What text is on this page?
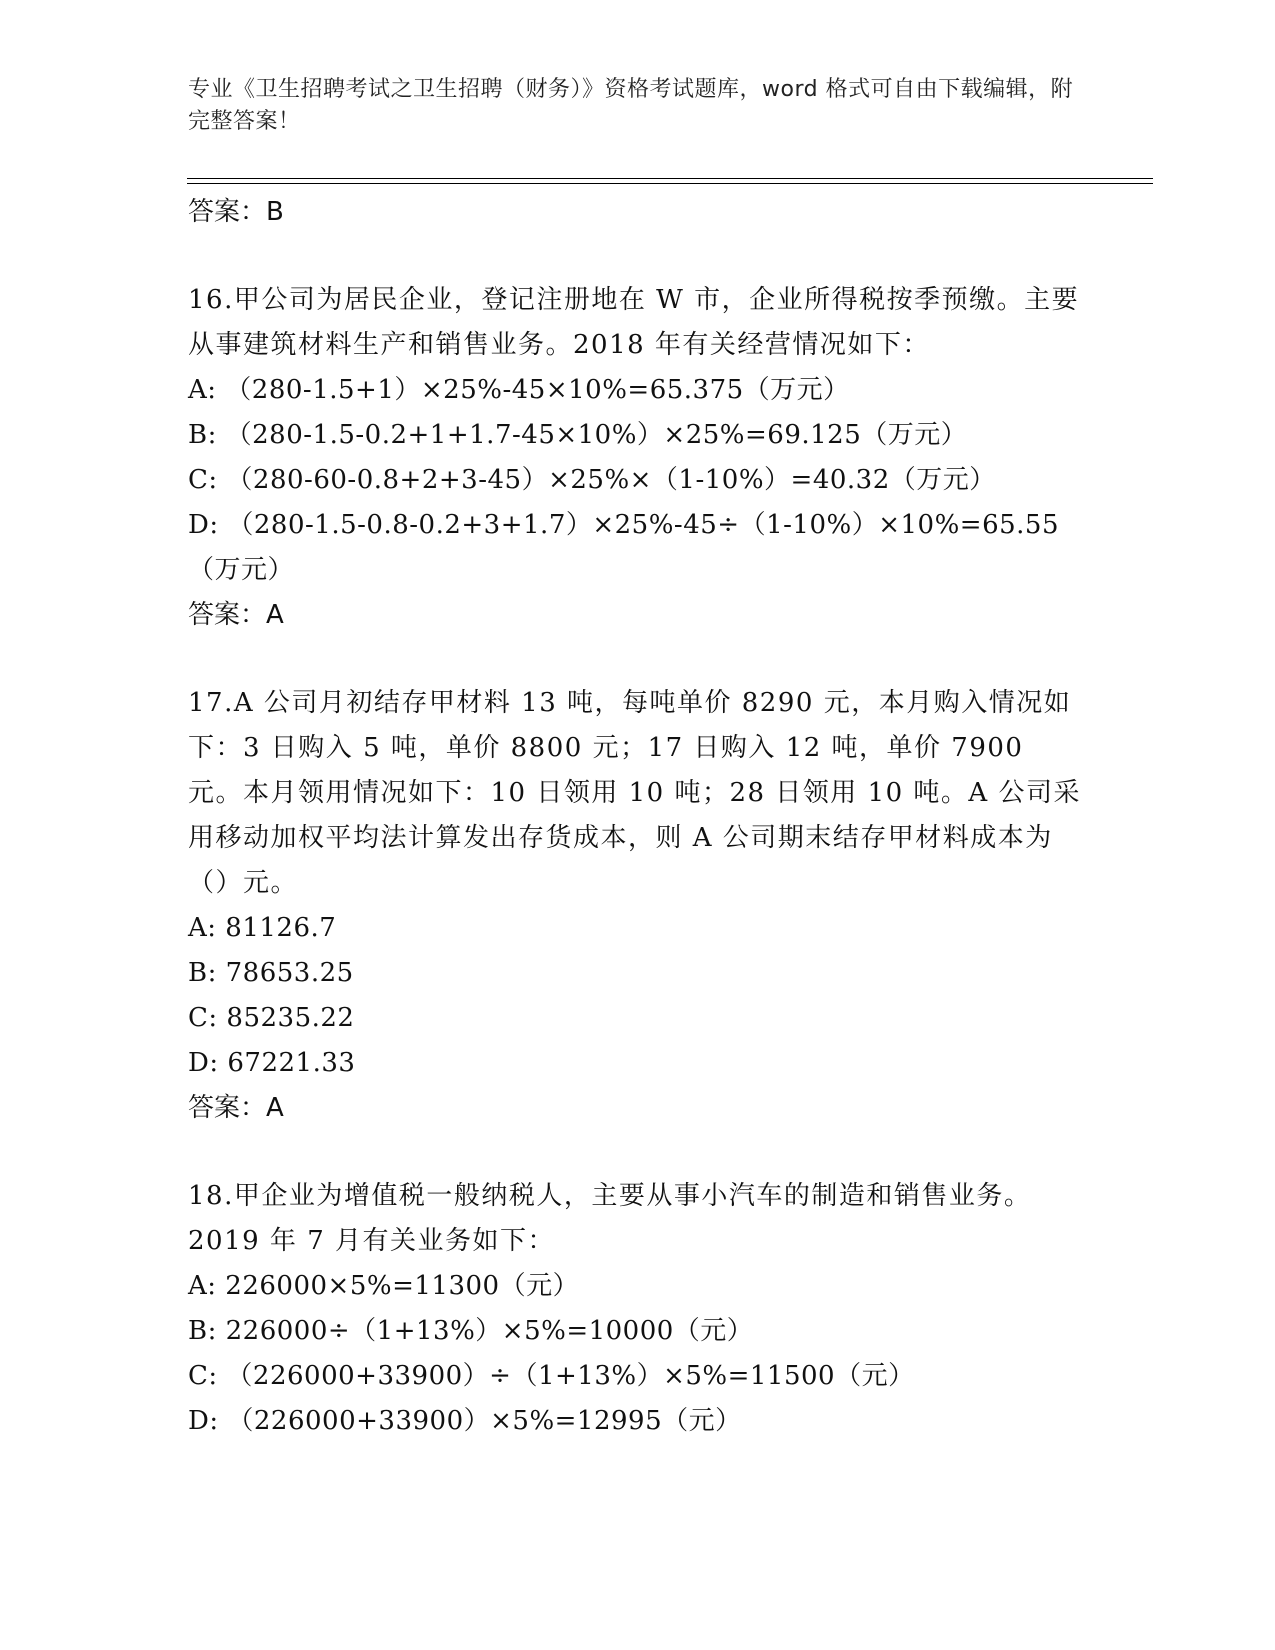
专业《卫生招聘考试之卫生招聘（财务）》资格考试题库，word 格式可自由下载编辑，附完整答案！

答案：B

16.甲公司为居民企业，登记注册地在 W 市，企业所得税按季预缴。主要从事建筑材料生产和销售业务。2018 年有关经营情况如下：

A: （280-1.5+1）×25%-45×10%=65.375（万元）

B: （280-1.5-0.2+1+1.7-45×10%）×25%=69.125（万元）

C: （280-60-0.8+2+3-45）×25%×（1-10%）=40.32（万元）

D: （280-1.5-0.8-0.2+3+1.7）×25%-45÷（1-10%）×10%=65.55（万元）

答案：A

17.A 公司月初结存甲材料 13 吨，每吨单价 8290 元，本月购入情况如下：3 日购入 5 吨，单价 8800 元；17 日购入 12 吨，单价 7900 元。本月领用情况如下：10 日领用 10 吨；28 日领用 10 吨。A 公司采用移动加权平均法计算发出存货成本，则 A 公司期末结存甲材料成本为（）元。

A: 81126.7

B: 78653.25

C: 85235.22

D: 67221.33

答案：A

18.甲企业为增值税一般纳税人，主要从事小汽车的制造和销售业务。2019 年 7 月有关业务如下：

A: 226000×5%=11300（元）

B: 226000÷（1+13%）×5%=10000（元）

C: （226000+33900）÷（1+13%）×5%=11500（元）

D: （226000+33900）×5%=12995（元）
